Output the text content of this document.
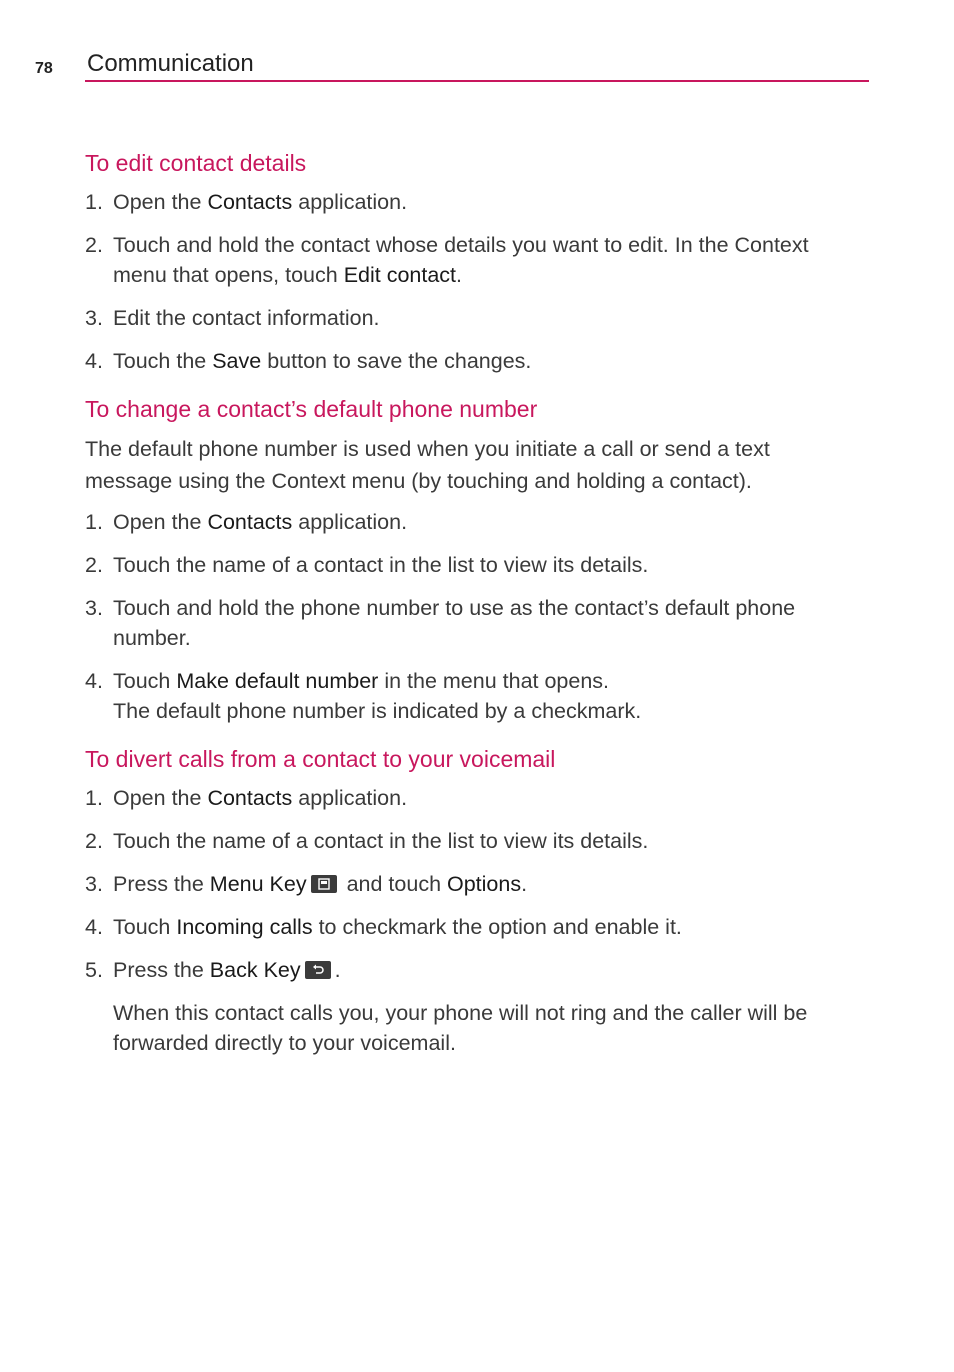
78 Communication
To edit contact details
1. Open the Contacts application.
2. Touch and hold the contact whose details you want to edit. In the Context menu that opens, touch Edit contact.
3. Edit the contact information.
4. Touch the Save button to save the changes.
To change a contact’s default phone number

The default phone number is used when you initiate a call or send a text message using the Context menu (by touching and holding a contact).

1. Open the Contacts application.
2. Touch the name of a contact in the list to view its details.
3. Touch and hold the phone number to use as the contact’s default phone number.
4. Touch Make default number in the menu that opens.
The default phone number is indicated by a checkmark.
To divert calls from a contact to your voicemail
1. Open the Contacts application.
2. Touch the name of a contact in the list to view its details.
3. Press the Menu Key
and touch Options.
4. Touch Incoming calls to checkmark the option and enable it.
5. Press the Back Key .

When this contact calls you, your phone will not ring and the caller will be forwarded directly to your voicemail.
